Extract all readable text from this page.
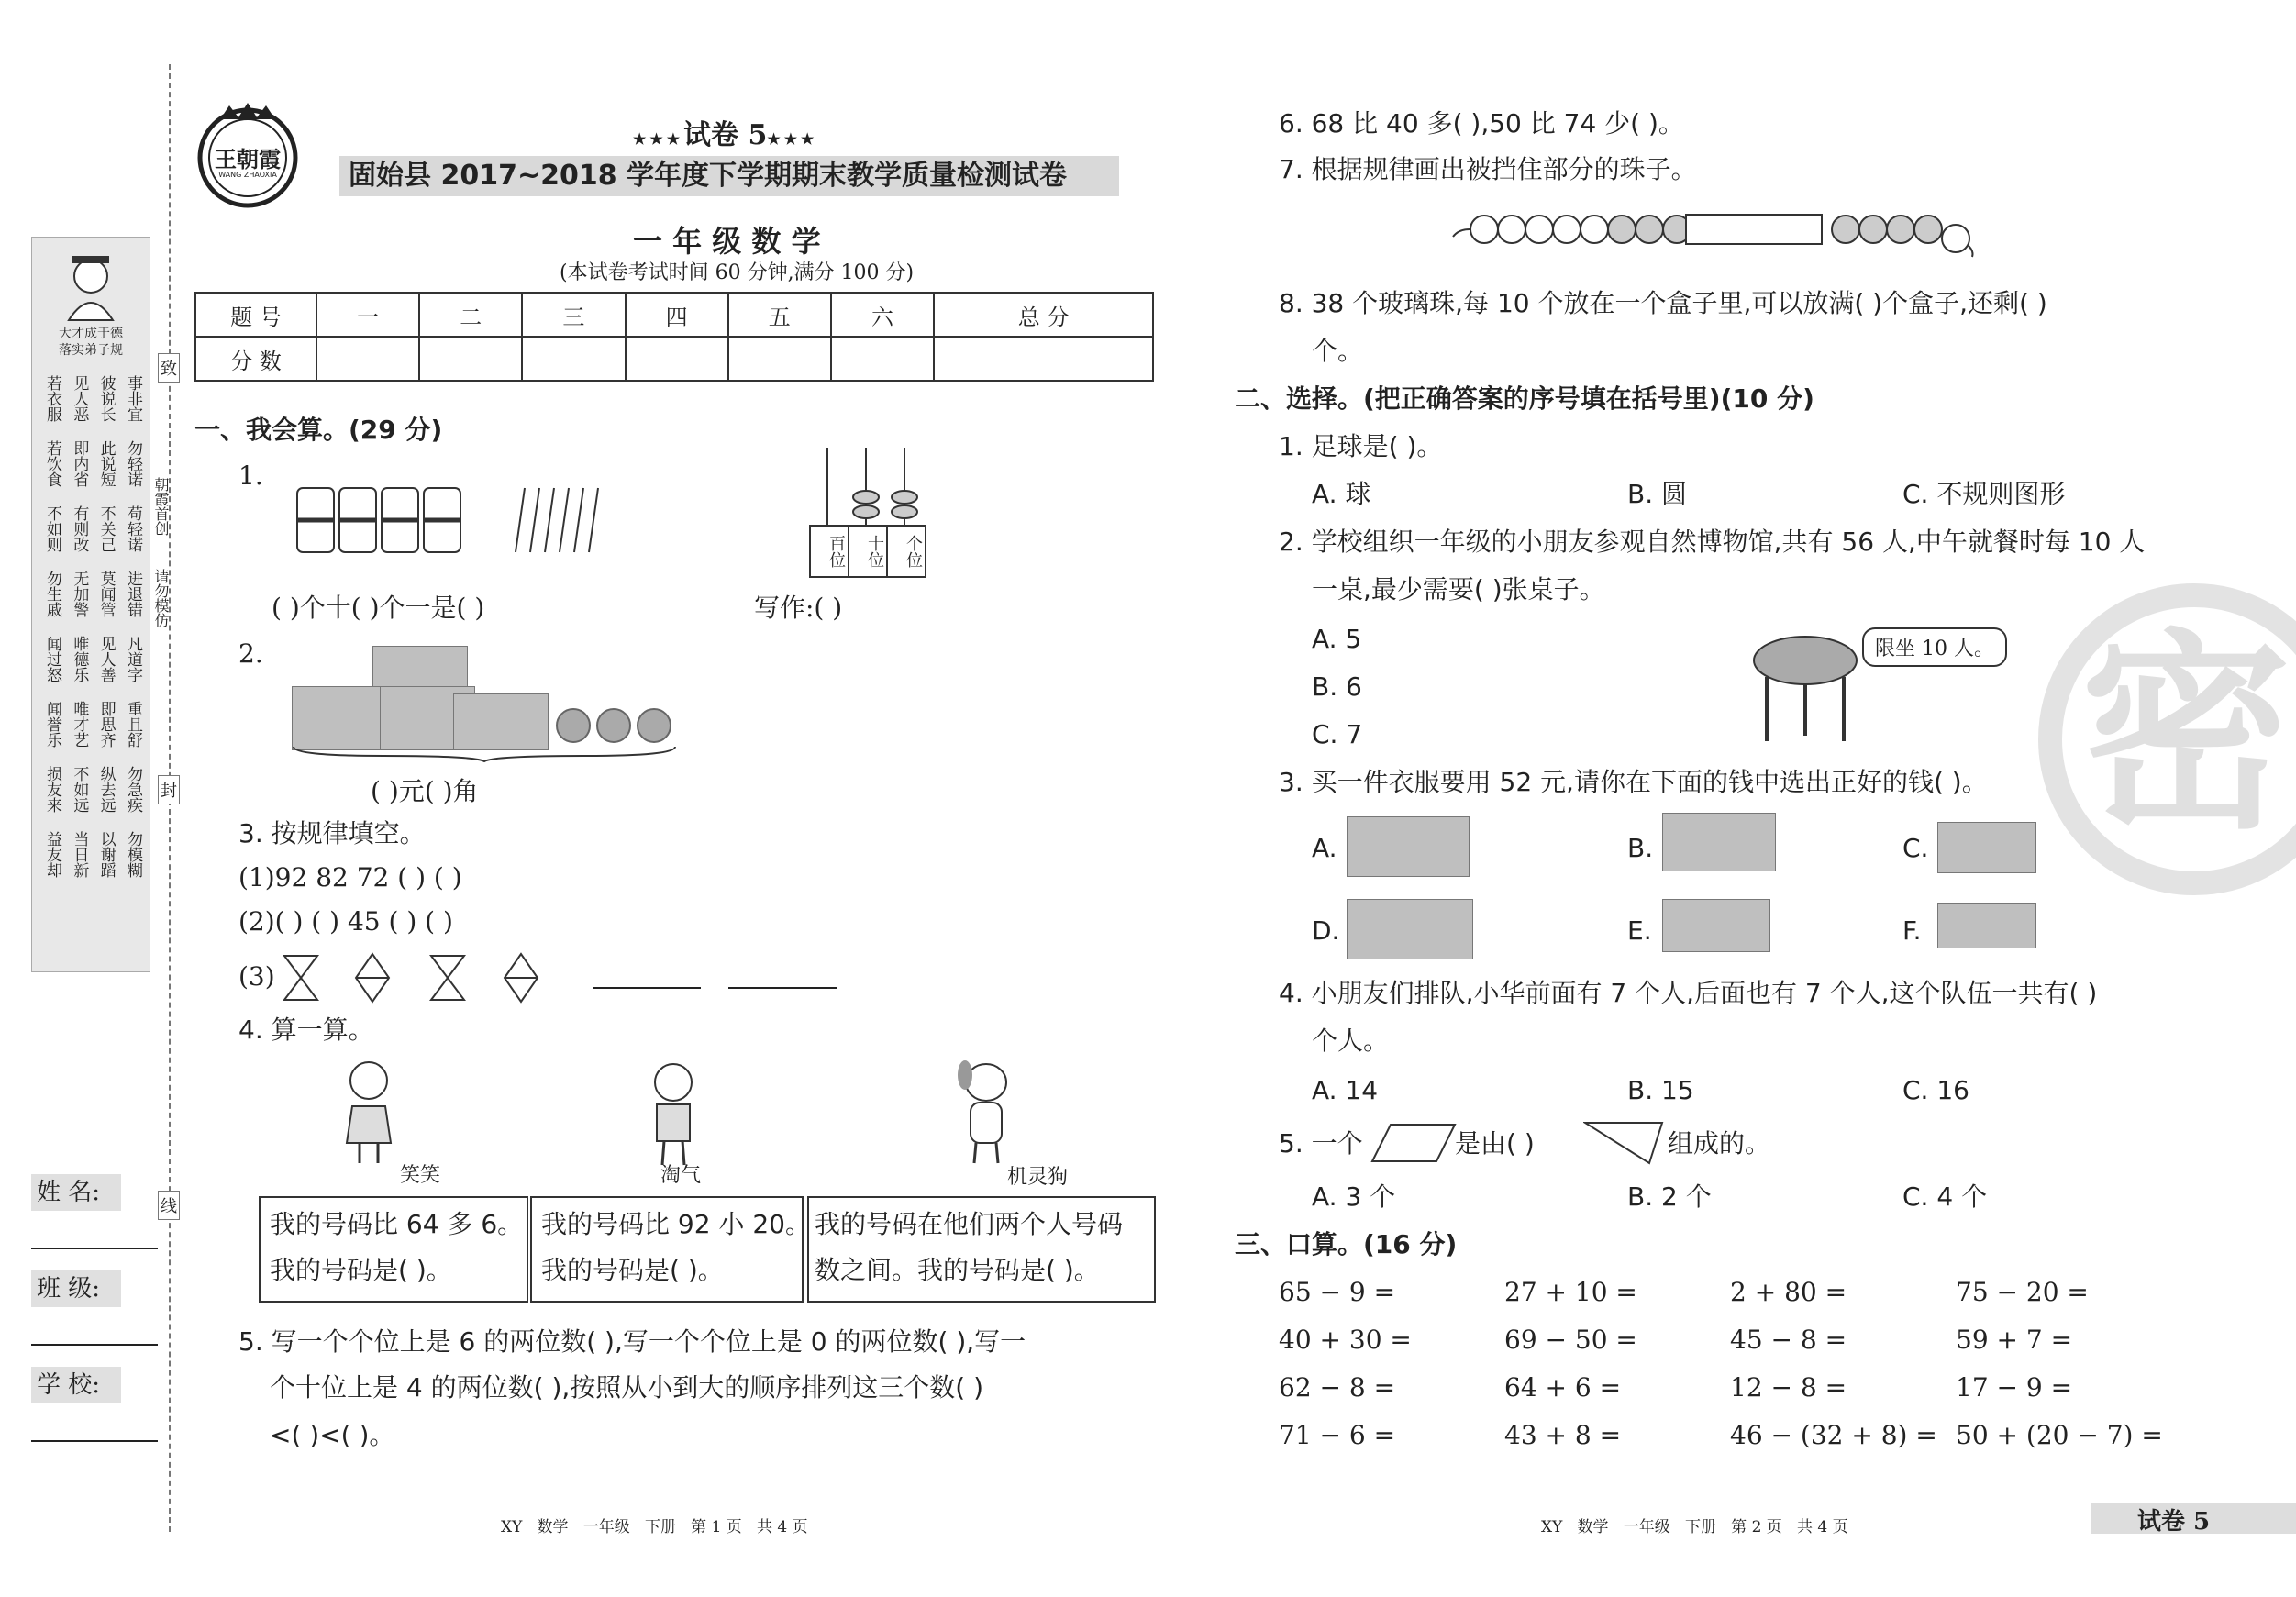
大才成于德
落实弟子规
若衣服 见人恶 彼说长 事非宜
若饮食 即内省 此说短 勿轻诺
不如则 有则改 不关己 苟轻诺
勿生戚 无加警 莫闻管 进退错
闻过怒 唯德乐 见人善 凡道字
闻誉乐 唯才艺 即思齐 重且舒
损友来 不如远 纵去远 勿急疾
益友却 当日新 以谢蹈 勿模糊
致
朝霞首创
请勿模仿
封
线
姓 名:
班 级:
学 校:
王朝霞
WANG ZHAOXIA
★★★试卷 5★★★
固始县 2017~2018 学年度下学期期末教学质量检测试卷
一 年 级 数 学
(本试卷考试时间 60 分钟,满分 100 分)
题 号	一	二	三	四	五	六	总 分
分 数							
一、我会算。(29 分)
1.
百位	十位	个位
( )个十( )个一是( )	写作:( )
2.
( )元( )角
3. 按规律填空。
(1)92 82 72 ( ) ( )
(2)( ) ( ) 45 ( ) ( )
(3)
4. 算一算。
笑笑	淘气	机灵狗
我的号码比 64 多 6。
我的号码是( )。
我的号码比 92 小 20。
我的号码是( )。
我的号码在他们两个人号码
数之间。我的号码是( )。
5. 写一个个位上是 6 的两位数( ),写一个个位上是 0 的两位数( ),写一
个十位上是 4 的两位数( ),按照从小到大的顺序排列这三个数( )
<( )<( )。
XY   数学   一年级   下册   第 1 页   共 4 页
6. 68 比 40 多( ),50 比 74 少( )。
7. 根据规律画出被挡住部分的珠子。
8. 38 个玻璃珠,每 10 个放在一个盒子里,可以放满( )个盒子,还剩( )
个。
二、选择。(把正确答案的序号填在括号里)(10 分)
1. 足球是( )。
A. 球	B. 圆	C. 不规则图形
2. 学校组织一年级的小朋友参观自然博物馆,共有 56 人,中午就餐时每 10 人
一桌,最少需要( )张桌子。
A. 5
B. 6
C. 7
限坐 10 人。
3. 买一件衣服要用 52 元,请你在下面的钱中选出正好的钱( )。
A.	B.	C.
D.	E.	F.
4. 小朋友们排队,小华前面有 7 个人,后面也有 7 个人,这个队伍一共有( )
个人。
A. 14	B. 15	C. 16
5. 一个	是由( )	组成的。
A. 3 个	B. 2 个	C. 4 个
三、口算。(16 分)
65 − 9 =	27 + 10 =	2 + 80 =	75 − 20 =
40 + 30 =	69 − 50 =	45 − 8 =	59 + 7 =
62 − 8 =	64 + 6 =	12 − 8 =	17 − 9 =
71 − 6 =	43 + 8 =	46 − (32 + 8) = 50 + (20 − 7) =
XY   数学   一年级   下册   第 2 页   共 4 页	试卷 5
密
